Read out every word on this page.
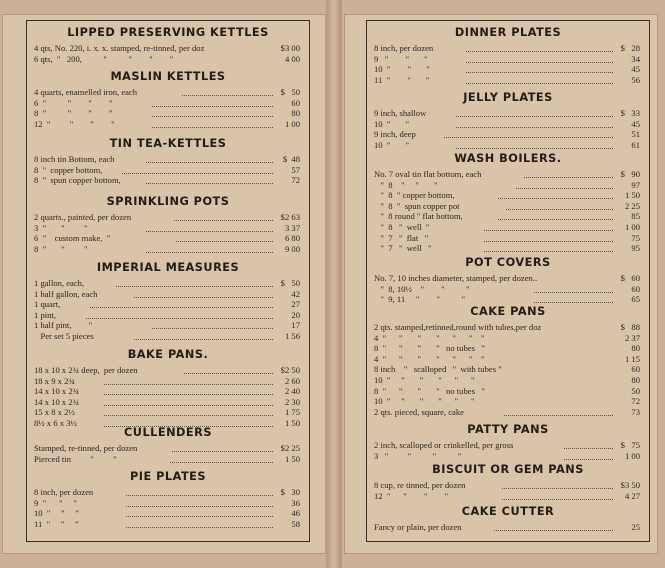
LIPPED PRESERVING KETTLES
4 qts, No. 220, i. x. x. stamped, re-tinned, per doz	$3 00
6 qts,  "   200,          "          "        "        "	4 00
MASLIN KETTLES
4 quarts, enamelled iron, each	$   50
6  "          "        "        "	60
8  "          "        "        "	80
12  "         "        "        "	1 00
TIN TEA-KETTLES
8 inch tin Bottom, each	$  48
8  "  copper bottom,	57
8  "  spun copper bottom,	72
SPRINKLING POTS
2 quarts., painted, per dozen	$2 63
3  "       "         "	3 37
6  "    custom make,  "	6 80
8  "       "         "	9 00
IMPERIAL MEASURES
1 gallon, each,	$   50
1 half gallon, each	42
1 quart,	27
1 pint,	20
1 half pint,        "	17
Per set 5 pieces	1 56
BAKE PANS.
18 x 10 x 2¾ deep,  per dozen	$2 50
18 x 9 x 2¾	2 60
14 x 10 x 2¾	2 40
14 x 10 x 2¾	2 30
15 x 8 x 2½	1 75
8½ x 6 x 3½	1 50
CULLENDERS
Stamped, re-tinned, per dozen	$2 25
Pierced tin         "         "	1 50
PIE PLATES
8 inch, per dozen	$   30
9  "      "     "	36
10  "     "     "	46
11  "     "     "	58
DINNER PLATES
8 inch, per dozen	$   28
9   "        "       "	34
10  "        "       "	45
11  "        "       "	56
JELLY PLATES
9 inch, shallow	$   33
10  "       "	45
9 inch, deep	51
10  "       "	61
WASH BOILERS.
No. 7 oval tin flat bottom, each	$   90
"  8    "     "       "	97
"  8  " copper bottom,	1 50
"  8  "  spun copper pot	2 25
"  8 round " flat bottom,	85
"  8   "  well  "	1 00
"  7   "  flat   "	75
"  7   "  well   "	95
POT COVERS
No. 7, 10 inches diameter, stamped, per dozen..	$   60
"  8, 10½    "        "          "	60
"  9, 11     "        "          "	65
CAKE PANS
2 qts. stamped,retinned,round with tubes,per doz	$   88
4  "      "       "       "      "      "    "	2 37
8  "      "       "       "   no tubes   "	80
4  "      "       "       "      "      "    "	1 15
8 inch    "   scalloped   "  with tubes "	60
10  "     "       "       "      "      "	80
8  "      "       "       "   no tubes   "	50
10  "     "       "       "      "      "	72
2 qts. pieced, square, cake	73
PATTY PANS
2 inch, scalloped or crinkelled, per gross	$   75
3   "         "          "          "	1 00
BISCUIT OR GEM PANS
8 cup, re tinned, per dozen	$3 50
12  "      "        "        "	4 27
CAKE CUTTER
Fancy or plain, per dozen	25
